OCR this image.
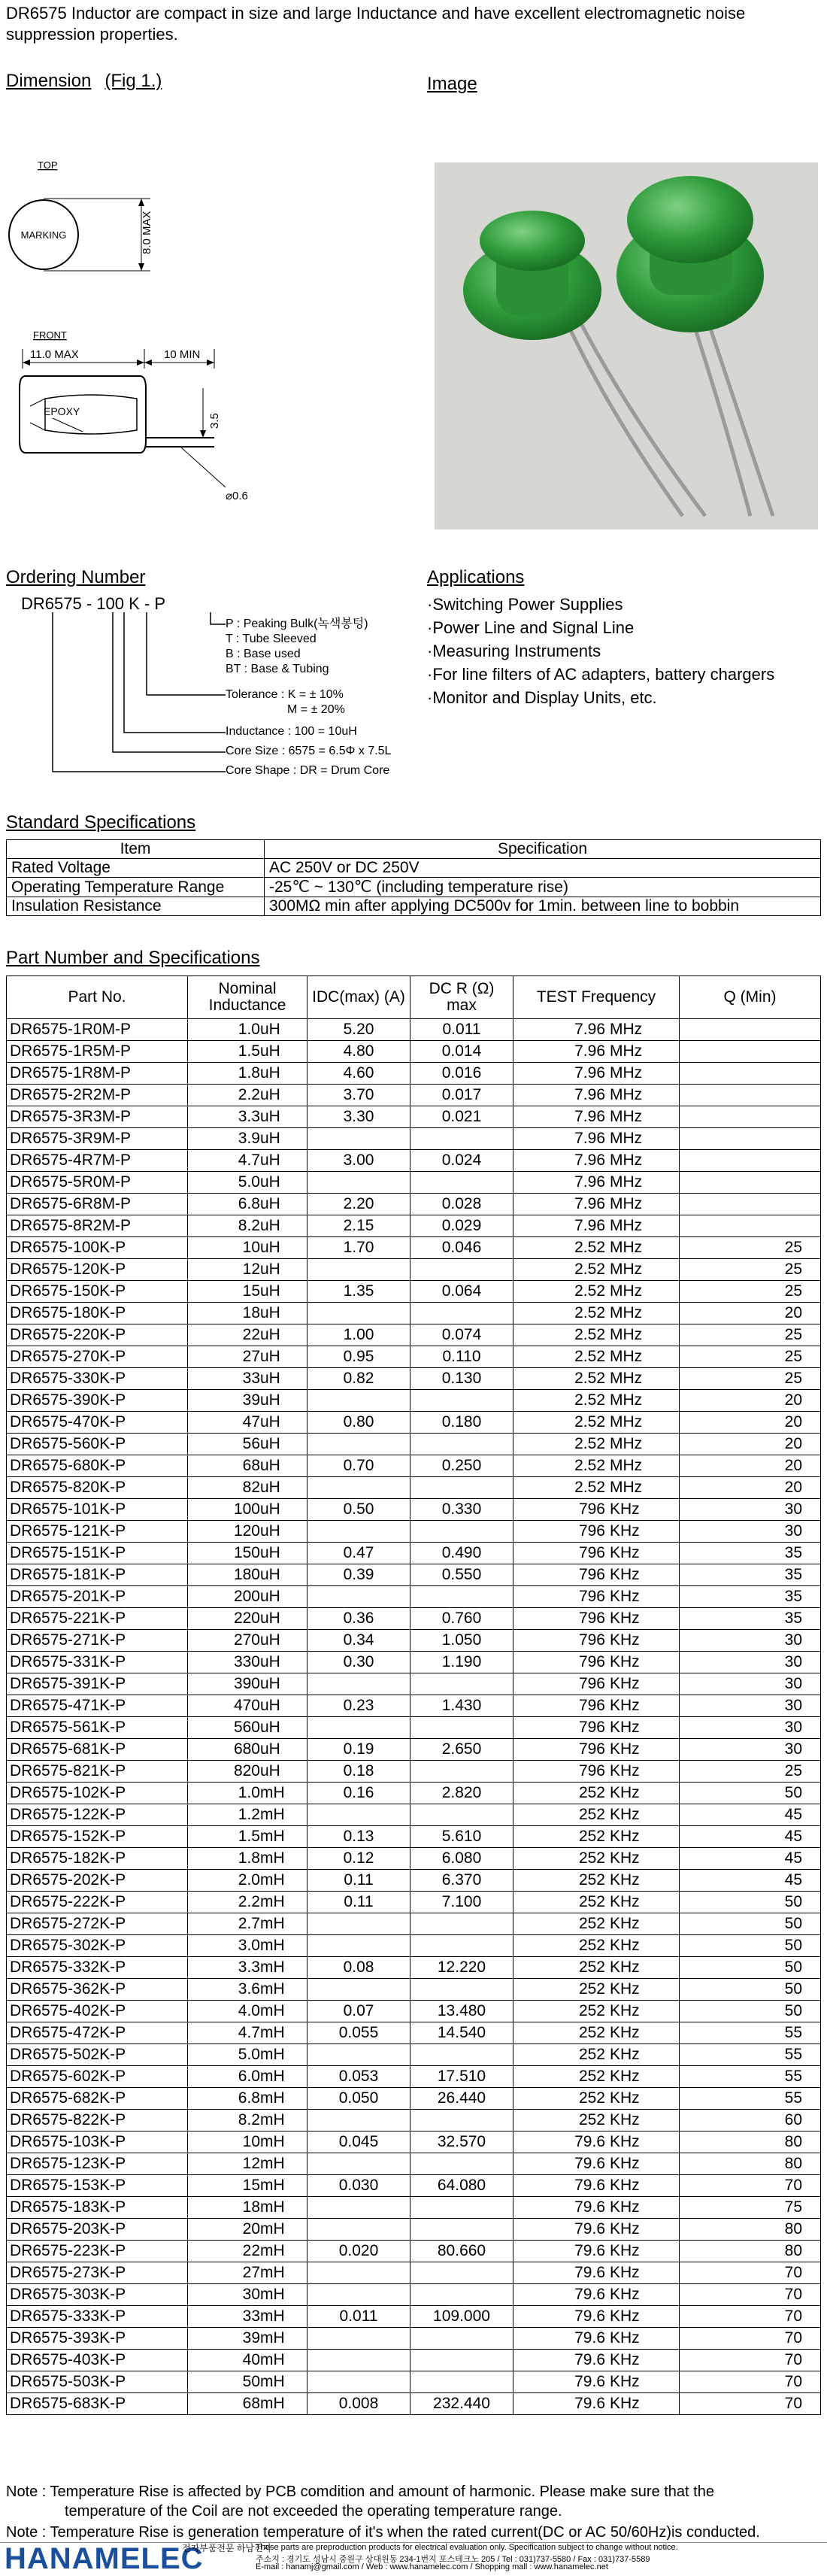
DR6575 Inductor are compact in size and large Inductance and have excellent electromagnetic noise suppression properties.
Dimension (Fig 1.)
TOP
MARKING	8.0 MAX
FRONT
11.0 MAX	10 MIN
EPOXY
3.5
⌀0.6
Image
Ordering Number
DR6575 - 100 K - P
P : Peaking Bulk(녹색봉텅)
T : Tube Sleeved
B : Base used
BT : Base & Tubing
Tolerance : K = ± 10%
M = ± 20%
Inductance : 100 = 10uH
Core Size : 6575 = 6.5Φ x 7.5L
Core Shape : DR = Drum Core
Applications
· Switching Power Supplies
· Power Line and Signal Line
· Measuring Instruments
· For line filters of AC adapters, battery chargers
· Monitor and Display Units, etc.
Standard Specifications
Item	Specification
Rated Voltage	AC 250V or DC 250V
Operating Temperature Range	-25℃ ~ 130℃ (including temperature rise)
Insulation Resistance	300MΩ min after applying DC500v for 1min. between line to bobbin
Part Number and Specifications
Part No.	Nominal Inductance	IDC(max) (A)	DC R (Ω) max	TEST Frequency	Q (Min)
DR6575-1R0M-P	1.0uH	5.20	0.011	7.96 MHz	
DR6575-1R5M-P	1.5uH	4.80	0.014	7.96 MHz	
DR6575-1R8M-P	1.8uH	4.60	0.016	7.96 MHz	
DR6575-2R2M-P	2.2uH	3.70	0.017	7.96 MHz	
DR6575-3R3M-P	3.3uH	3.30	0.021	7.96 MHz	
DR6575-3R9M-P	3.9uH			7.96 MHz	
DR6575-4R7M-P	4.7uH	3.00	0.024	7.96 MHz	
DR6575-5R0M-P	5.0uH			7.96 MHz	
DR6575-6R8M-P	6.8uH	2.20	0.028	7.96 MHz	
DR6575-8R2M-P	8.2uH	2.15	0.029	7.96 MHz	
DR6575-100K-P	10uH	1.70	0.046	2.52 MHz	25
DR6575-120K-P	12uH			2.52 MHz	25
DR6575-150K-P	15uH	1.35	0.064	2.52 MHz	25
DR6575-180K-P	18uH			2.52 MHz	20
DR6575-220K-P	22uH	1.00	0.074	2.52 MHz	25
DR6575-270K-P	27uH	0.95	0.110	2.52 MHz	25
DR6575-330K-P	33uH	0.82	0.130	2.52 MHz	25
DR6575-390K-P	39uH			2.52 MHz	20
DR6575-470K-P	47uH	0.80	0.180	2.52 MHz	20
DR6575-560K-P	56uH			2.52 MHz	20
DR6575-680K-P	68uH	0.70	0.250	2.52 MHz	20
DR6575-820K-P	82uH			2.52 MHz	20
DR6575-101K-P	100uH	0.50	0.330	796 KHz	30
DR6575-121K-P	120uH			796 KHz	30
DR6575-151K-P	150uH	0.47	0.490	796 KHz	35
DR6575-181K-P	180uH	0.39	0.550	796 KHz	35
DR6575-201K-P	200uH			796 KHz	35
DR6575-221K-P	220uH	0.36	0.760	796 KHz	35
DR6575-271K-P	270uH	0.34	1.050	796 KHz	30
DR6575-331K-P	330uH	0.30	1.190	796 KHz	30
DR6575-391K-P	390uH			796 KHz	30
DR6575-471K-P	470uH	0.23	1.430	796 KHz	30
DR6575-561K-P	560uH			796 KHz	30
DR6575-681K-P	680uH	0.19	2.650	796 KHz	30
DR6575-821K-P	820uH	0.18		796 KHz	25
DR6575-102K-P	1.0mH	0.16	2.820	252 KHz	50
DR6575-122K-P	1.2mH			252 KHz	45
DR6575-152K-P	1.5mH	0.13	5.610	252 KHz	45
DR6575-182K-P	1.8mH	0.12	6.080	252 KHz	45
DR6575-202K-P	2.0mH	0.11	6.370	252 KHz	45
DR6575-222K-P	2.2mH	0.11	7.100	252 KHz	50
DR6575-272K-P	2.7mH			252 KHz	50
DR6575-302K-P	3.0mH			252 KHz	50
DR6575-332K-P	3.3mH	0.08	12.220	252 KHz	50
DR6575-362K-P	3.6mH			252 KHz	50
DR6575-402K-P	4.0mH	0.07	13.480	252 KHz	50
DR6575-472K-P	4.7mH	0.055	14.540	252 KHz	55
DR6575-502K-P	5.0mH			252 KHz	55
DR6575-602K-P	6.0mH	0.053	17.510	252 KHz	55
DR6575-682K-P	6.8mH	0.050	26.440	252 KHz	55
DR6575-822K-P	8.2mH			252 KHz	60
DR6575-103K-P	10mH	0.045	32.570	79.6 KHz	80
DR6575-123K-P	12mH			79.6 KHz	80
DR6575-153K-P	15mH	0.030	64.080	79.6 KHz	70
DR6575-183K-P	18mH			79.6 KHz	75
DR6575-203K-P	20mH			79.6 KHz	80
DR6575-223K-P	22mH	0.020	80.660	79.6 KHz	80
DR6575-273K-P	27mH			79.6 KHz	70
DR6575-303K-P	30mH			79.6 KHz	70
DR6575-333K-P	33mH	0.011	109.000	79.6 KHz	70
DR6575-393K-P	39mH			79.6 KHz	70
DR6575-403K-P	40mH			79.6 KHz	70
DR6575-503K-P	50mH			79.6 KHz	70
DR6575-683K-P	68mH	0.008	232.440	79.6 KHz	70
Note : Temperature Rise is affected by PCB comdition and amount of harmonic. Please make sure that the
temperature of the Coil are not exceeded the operating temperature range.
Note : Temperature Rise is generation temperature of it's when the rated current(DC or AC 50/60Hz)is conducted.
HANAMELEC
전자부품전문 하남전자
These parts are preproduction products for electrical evaluation only. Specification subject to change without notice.
주소지 : 경기도 성남시 중원구 상대원동 234-1번지 포스테크노 205 / Tel : 031)737-5580 / Fax : 031)737-5589
E-mail : hanamj@gmail.com / Web : www.hanamelec.com / Shopping mall : www.hanamelec.net
